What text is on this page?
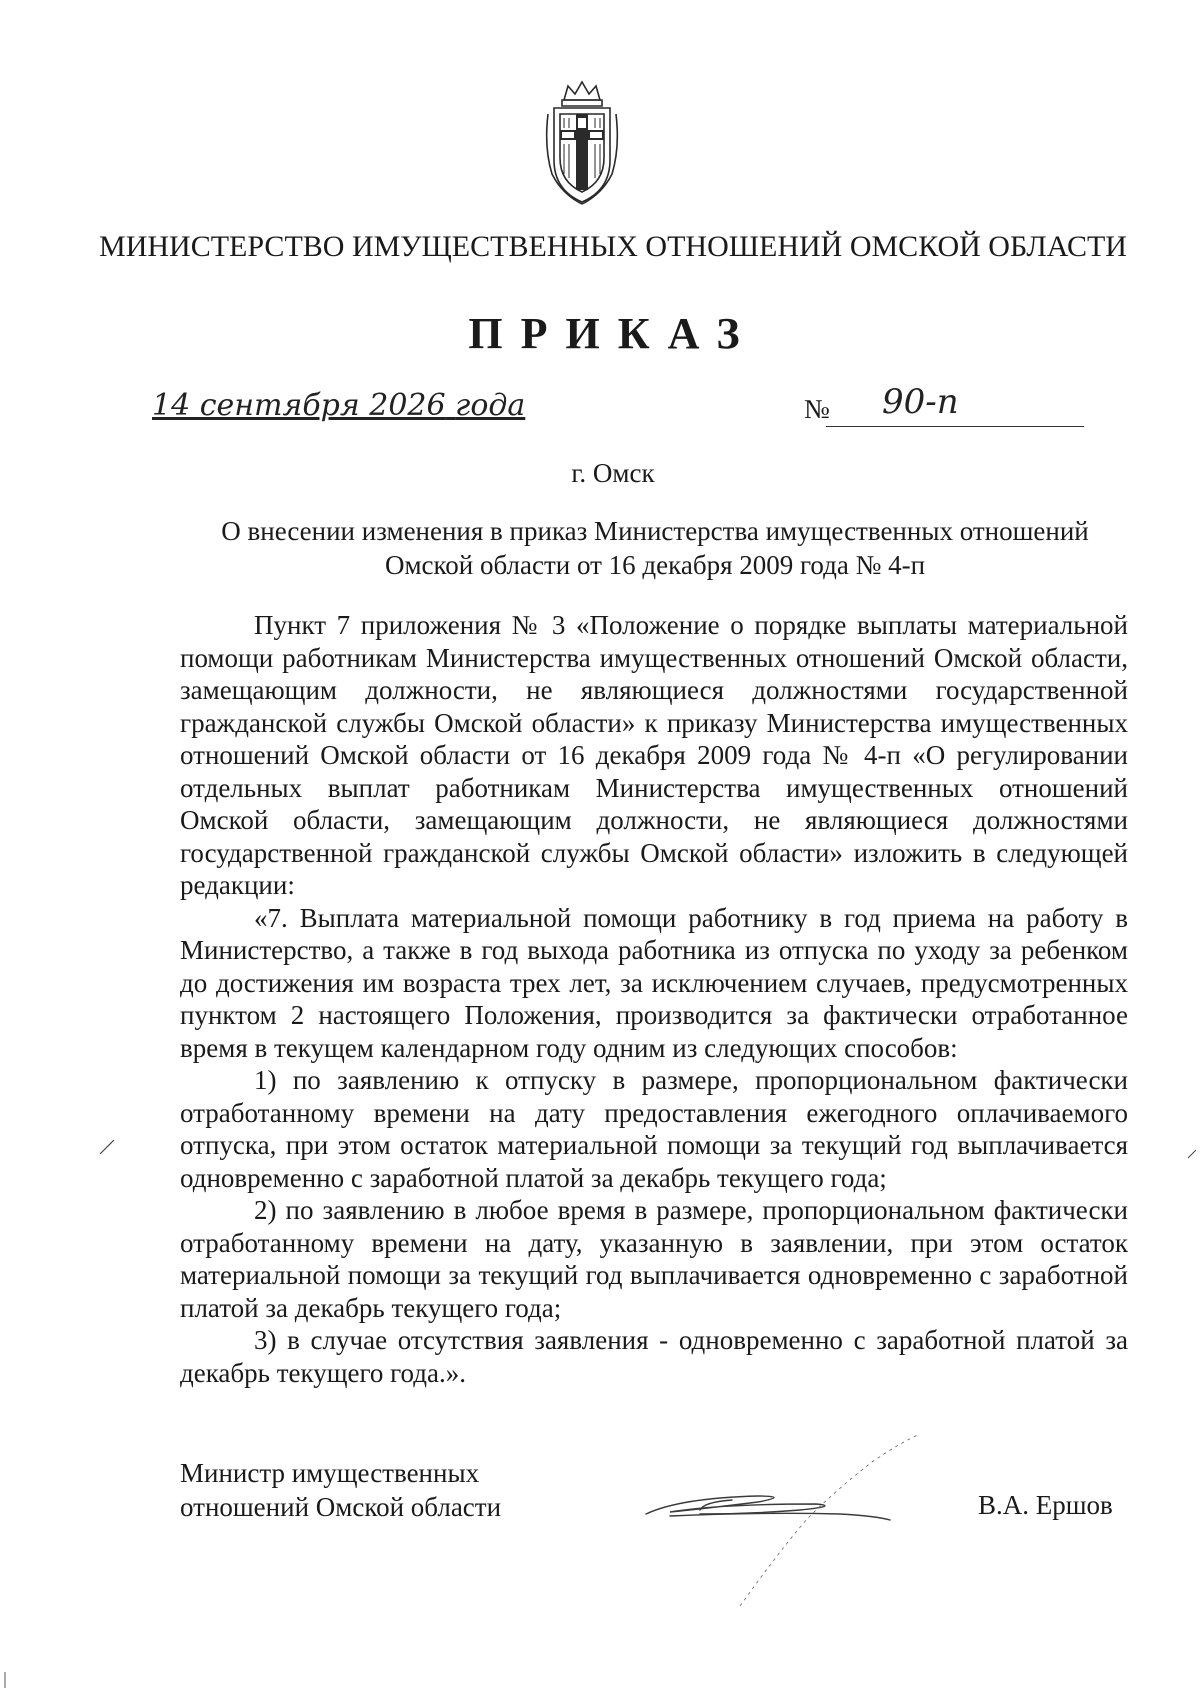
МИНИСТЕРСТВО ИМУЩЕСТВЕННЫХ ОТНОШЕНИЙ ОМСКОЙ ОБЛАСТИ
ПРИКАЗ
14 сентября 2026 года	№ 90-п
г. Омск
О внесении изменения в приказ Министерства имущественных отношений
Омской области от 16 декабря 2009 года № 4-п

Пункт 7 приложения № 3 «Положение о порядке выплаты материальной помощи работникам Министерства имущественных отношений Омской области, замещающим должности, не являющиеся должностями государственной гражданской службы Омской области» к приказу Министерства имущественных отношений Омской области от 16 декабря 2009 года № 4-п «О регулировании отдельных выплат работникам Министерства имущественных отношений Омской области, замещающим должности, не являющиеся должностями государственной гражданской службы Омской области» изложить в следующей редакции:

«7. Выплата материальной помощи работнику в год приема на работу в Министерство, а также в год выхода работника из отпуска по уходу за ребенком до достижения им возраста трех лет, за исключением случаев, предусмотренных пунктом 2 настоящего Положения, производится за фактически отработанное время в текущем календарном году одним из следующих способов:

1) по заявлению к отпуску в размере, пропорциональном фактически отработанному времени на дату предоставления ежегодного оплачиваемого отпуска, при этом остаток материальной помощи за текущий год выплачивается одновременно с заработной платой за декабрь текущего года;

2) по заявлению в любое время в размере, пропорциональном фактически отработанному времени на дату, указанную в заявлении, при этом остаток материальной помощи за текущий год выплачивается одновременно с заработной платой за декабрь текущего года;

3) в случае отсутствия заявления - одновременно с заработной платой за декабрь текущего года.».

Министр имущественных
отношений Омской области	В.А. Ершов
